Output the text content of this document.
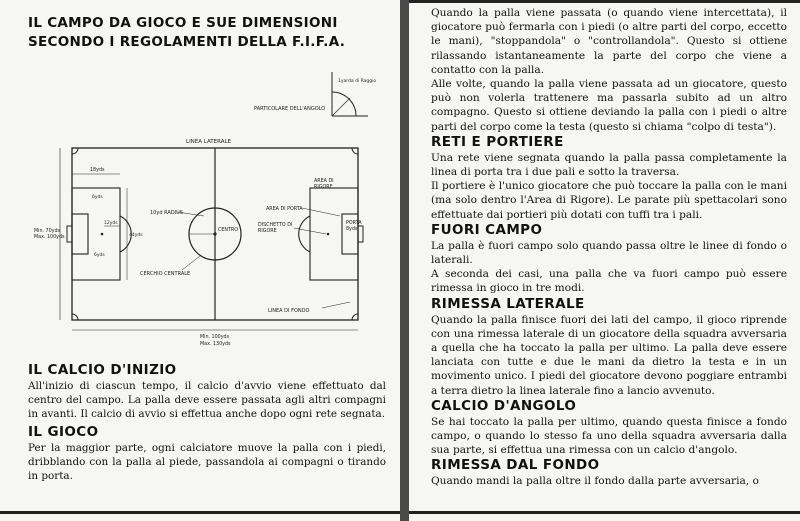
IL CAMPO DA GIOCO E SUE DIMENSIONI
SECONDO I REGOLAMENTI DELLA F.I.F.A.
1yarda di Raggio
PARTICOLARE DELL'ANGOLO
LINEA LATERALE
18yds
Min. 70yds
Max. 100yds
6yds
12yds
44yds
6yds
10yd RADIUS
CENTRO
CERCHIO CENTRALE
AREA DI
RIGORE
AREA DI PORTA
DISCHETTO DI
RIGORE
PORTA
8yds
LINEA DI FONDO
Min. 100yds
Max. 130yds
IL CALCIO D'INIZIO

All'inizio di ciascun tempo, il calcio d'avvio viene effettuato dal centro del campo. La palla deve essere passata agli altri compagni in avanti. Il calcio di avvio si effettua anche dopo ogni rete segnata.

IL GIOCO

Per la maggior parte, ogni calciatore muove la palla con i piedi, dribblando con la palla al piede, passandola ai compagni o tirando in porta.

Quando la palla viene passata (o quando viene intercettata), il giocatore può fermarla con i piedi (o altre parti del corpo, eccetto le mani), "stoppandola" o "controllandola". Questo si ottiene rilassando istantaneamente la parte del corpo che viene a contatto con la palla.

Alle volte, quando la palla viene passata ad un giocatore, questo può non volerla trattenere ma passarla subito ad un altro compagno. Questo si ottiene deviando la palla con i piedi o altre parti del corpo come la testa (questo si chiama "colpo di testa").

RETI E PORTIERE

Una rete viene segnata quando la palla passa completamente la linea di porta tra i due pali e sotto la traversa.

Il portiere è l'unico giocatore che può toccare la palla con le mani (ma solo dentro l'Area di Rigore). Le parate più spettacolari sono effettuate dai portieri più dotati con tuffi tra i pali.

FUORI CAMPO

La palla è fuori campo solo quando passa oltre le linee di fondo o laterali.

A seconda dei casi, una palla che va fuori campo può essere rimessa in gioco in tre modi.

RIMESSA LATERALE

Quando la palla finisce fuori dei lati del campo, il gioco riprende con una rimessa laterale di un giocatore della squadra avversaria a quella che ha toccato la palla per ultimo. La palla deve essere lanciata con tutte e due le mani da dietro la testa e in un movimento unico. I piedi del giocatore devono poggiare entrambi a terra dietro la linea laterale fino a lancio avvenuto.

CALCIO D'ANGOLO

Se hai toccato la palla per ultimo, quando questa finisce a fondo campo, o quando lo stesso fa uno della squadra avversaria dalla sua parte, si effettua una rimessa con un calcio d'angolo.

RIMESSA DAL FONDO

Quando mandi la palla oltre il fondo dalla parte avversaria, o
